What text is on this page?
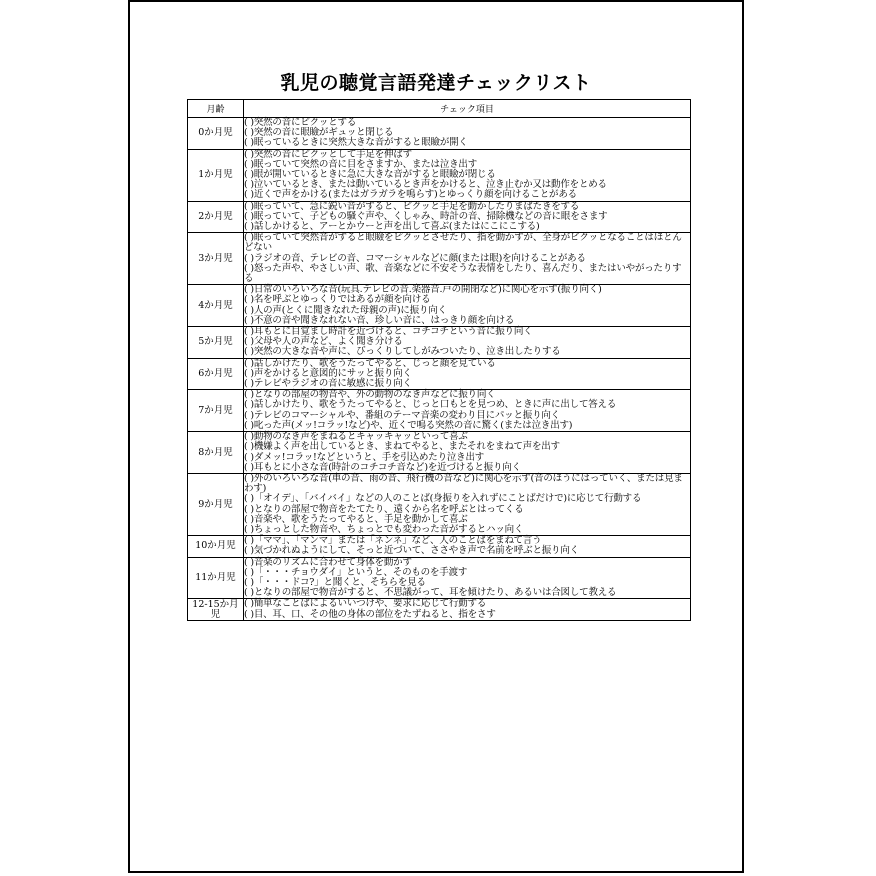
乳児の聴覚言語発達チェックリスト
月齢	チェック項目
0か月児	( )突然の音にビクッとする
( )突然の音に眼瞼がギュッと閉じる
( )眠っているときに突然大きな音がすると眼瞼が開く

1か月児	( )突然の音にビクッとして手足を伸ばす
( )眠っていて突然の音に目をさますか、または泣き出す
( )眼が開いているときに急に大きな音がすると眼瞼が閉じる
( )泣いているとき、または動いているとき声をかけると、泣き止むか又は動作をとめる
( )近くで声をかける(またはガラガラを鳴らす)とゆっくり顔を向けることがある

2か月児	( )眠っていて、急に鋭い音がすると、ビクッと手足を動かしたりまばたきをする
( )眠っていて、子どもの騒ぐ声や、くしゃみ、時計の音、掃除機などの音に眼をさます
( )話しかけると、アーとかウーと声を出して喜ぶ(またはにこにこする)

3か月児	( )眠っていて突然音がすると眼瞼をピクッとさせたり、指を動かすが、全身がビクッとなることはほとんどない
( )ラジオの音、テレビの音、コマーシャルなどに顔(または眼)を向けることがある
( )怒った声や、やさしい声、歌、音楽などに不安そうな表情をしたり、喜んだり、またはいやがったりする

4か月児	( )日常のいろいろな音(玩具.テレビの音.楽器音.戸の開閉など)に関心を示す(振り向く)
( )名を呼ぶとゆっくりではあるが顔を向ける
( )人の声(とくに聞きなれた母親の声)に振り向く
( )不意の音や聞きなれない音、珍しい音に、はっきり顔を向ける

5か月児	( )耳もとに目覚まし時計を近づけると、コチコチという音に振り向く
( )父母や人の声など、よく聞き分ける
( )突然の大きな音や声に、びっくりしてしがみついたり、泣き出したりする

6か月児	( )話しかけたり、歌をうたってやると、じっと顔を見ている
( )声をかけると意図的にサッと振り向く
( )テレビやラジオの音に敏感に振り向く

7か月児	( )となりの部屋の物音や、外の動物のなき声などに振り向く
( )話しかけたり、歌をうたってやると、じっと口もとを見つめ、ときに声に出して答える
( )テレビのコマーシャルや、番組のテーマ音楽の変わり目にパッと振り向く
( )叱った声(メッ!コラッ!など)や、近くで鳴る突然の音に驚く(または泣き出す)

8か月児	( )動物のなき声をまねるとキャッキャッといって喜ぶ
( )機嫌よく声を出しているとき、まねてやると、またそれをまねて声を出す
( )ダメッ!コラッ!などというと、手を引込めたり泣き出す
( )耳もとに小さな音(時計のコチコチ音など)を近づけると振り向く

9か月児	( )外のいろいろな音(車の音、雨の音、飛行機の音など)に関心を示す(音のほうにはっていく、または見まわす)
( )「オイデ」、「バイバイ」などの人のことば(身振りを入れずにことばだけで)に応じて行動する
( )となりの部屋で物音をたてたり、遠くから名を呼ぶとはってくる
( )音楽や、歌をうたってやると、手足を動かして喜ぶ
( )ちょっとした物音や、ちょっとでも変わった音がするとハッ向く

10か月児	( )「ママ」、「マンマ」または「ネンネ」など、人のことばをまねて言う
( )気づかれぬようにして、そっと近づいて、ささやき声で名前を呼ぶと振り向く

11か月児	( )音楽のリズムに合わせて身体を動かす
( )「・・・チョウダイ」というと、そのものを手渡す
( )「・・・ドコ?」と聞くと、そちらを見る
( )となりの部屋で物音がすると、不思議がって、耳を傾けたり、あるいは合図して教える

12-15か月児	( )簡単なことばによるいいつけや、要求に応じて行動する
( )目、耳、口、その他の身体の部位をたずねると、指をさす
